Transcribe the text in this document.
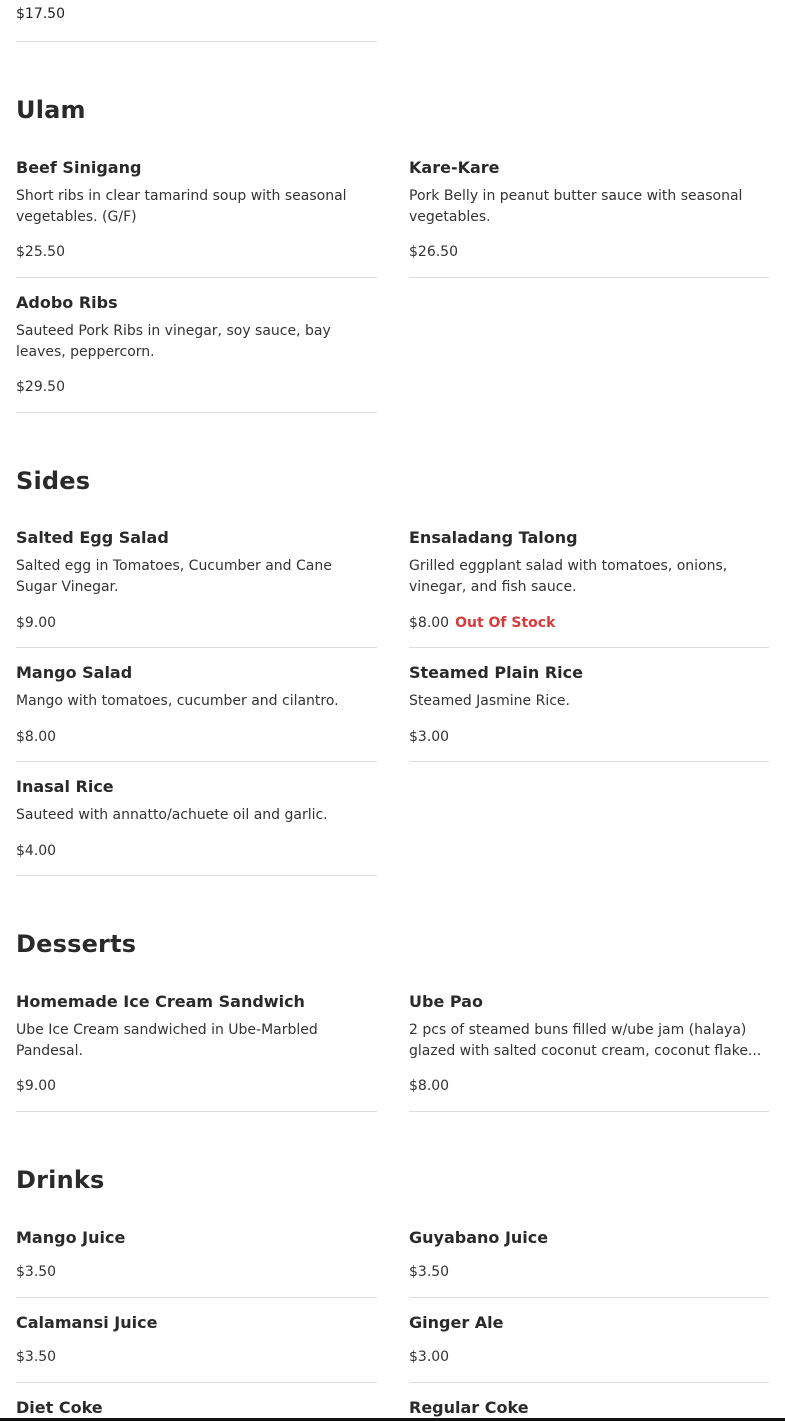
$17.50
Ulam
Beef Sinigang
Short ribs in clear tamarind soup with seasonal vegetables. (G/F)
$25.50
Kare-Kare
Pork Belly in peanut butter sauce with seasonal vegetables.
$26.50
Adobo Ribs
Sauteed Pork Ribs in vinegar, soy sauce, bay leaves, peppercorn.
$29.50
Sides
Salted Egg Salad
Salted egg in Tomatoes, Cucumber and Cane Sugar Vinegar.
$9.00
Ensaladang Talong
Grilled eggplant salad with tomatoes, onions, vinegar, and fish sauce.
$8.00 Out Of Stock
Mango Salad
Mango with tomatoes, cucumber and cilantro.
$8.00
Steamed Plain Rice
Steamed Jasmine Rice.
$3.00
Inasal Rice
Sauteed with annatto/achuete oil and garlic.
$4.00
Desserts
Homemade Ice Cream Sandwich
Ube Ice Cream sandwiched in Ube-Marbled Pandesal.
$9.00
Ube Pao
2 pcs of steamed buns filled w/ube jam (halaya) glazed with salted coconut cream, coconut flake...
$8.00
Drinks
Mango Juice
$3.50
Guyabano Juice
$3.50
Calamansi Juice
$3.50
Ginger Ale
$3.00
Diet Coke	Regular Coke
